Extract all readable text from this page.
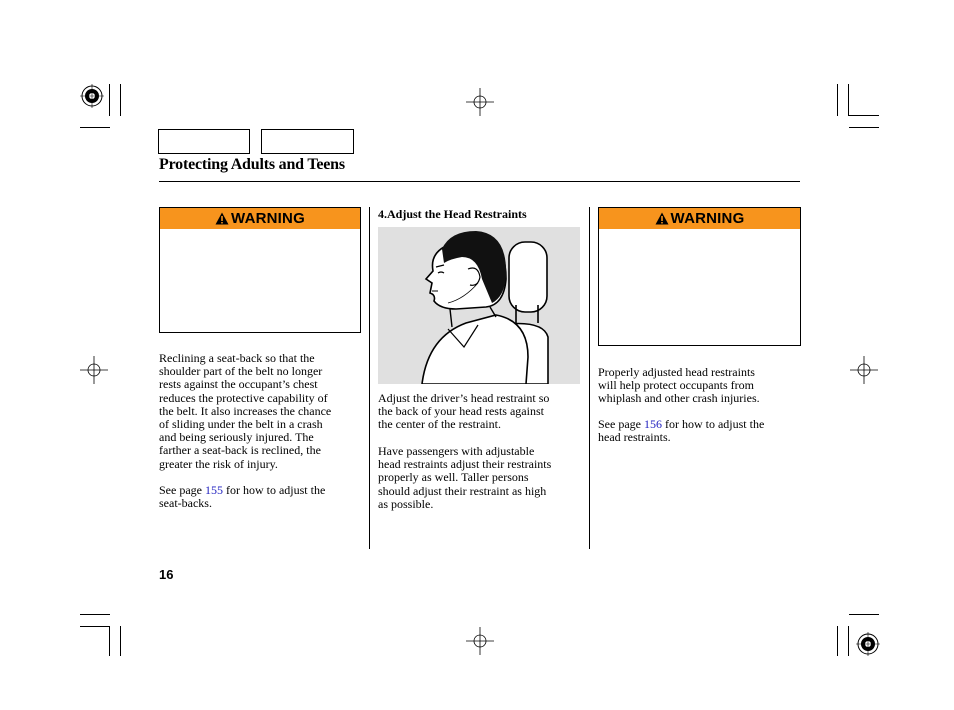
Protecting Adults and Teens
WARNING
Reclining a seat-back so that the
shoulder part of the belt no longer
rests against the occupant’s chest
reduces the protective capability of
the belt. It also increases the chance
of sliding under the belt in a crash
and being seriously injured. The
farther a seat-back is reclined, the
greater the risk of injury.
See page 155 for how to adjust the
seat-backs.
4.Adjust the Head Restraints
Adjust the driver’s head restraint so
the back of your head rests against
the center of the restraint.
Have passengers with adjustable
head restraints adjust their restraints
properly as well. Taller persons
should adjust their restraint as high
as possible.
WARNING
Properly adjusted head restraints
will help protect occupants from
whiplash and other crash injuries.
See page 156 for how to adjust the
head restraints.
16
